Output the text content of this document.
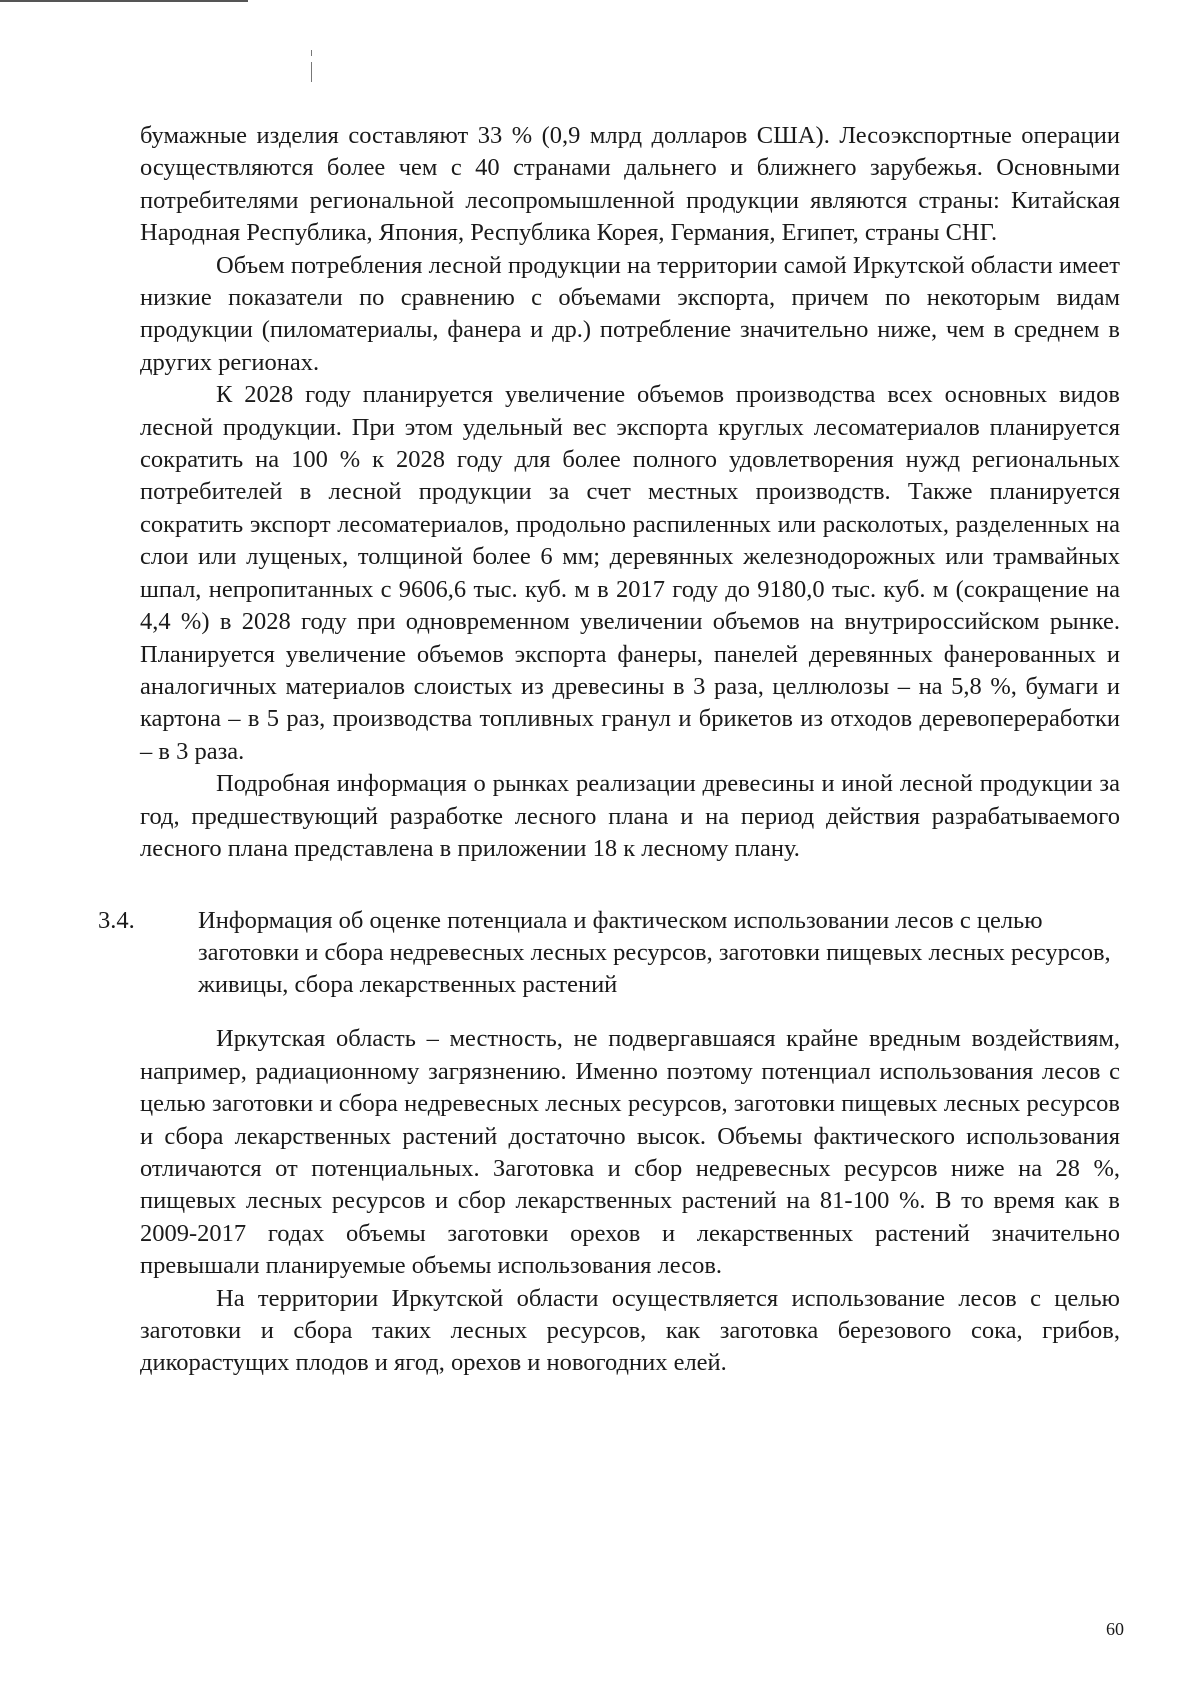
бумажные изделия составляют 33 % (0,9 млрд долларов США). Лесоэкспортные операции осуществляются более чем с 40 странами дальнего и ближнего зарубежья. Основными потребителями региональной лесопромышленной продукции являются страны: Китайская Народная Республика, Япония, Республика Корея, Германия, Египет, страны СНГ.

Объем потребления лесной продукции на территории самой Иркутской области имеет низкие показатели по сравнению с объемами экспорта, причем по некоторым видам продукции (пиломатериалы, фанера и др.) потребление значительно ниже, чем в среднем в других регионах.

К 2028 году планируется увеличение объемов производства всех основных видов лесной продукции. При этом удельный вес экспорта круглых лесоматериалов планируется сократить на 100 % к 2028 году для более полного удовлетворения нужд региональных потребителей в лесной продукции за счет местных производств. Также планируется сократить экспорт лесоматериалов, продольно распиленных или расколотых, разделенных на слои или лущеных, толщиной более 6 мм; деревянных железнодорожных или трамвайных шпал, непропитанных с 9606,6 тыс. куб. м в 2017 году до 9180,0 тыс. куб. м (сокращение на 4,4 %) в 2028 году при одновременном увеличении объемов на внутрироссийском рынке. Планируется увеличение объемов экспорта фанеры, панелей деревянных фанерованных и аналогичных материалов слоистых из древесины в 3 раза, целлюлозы – на 5,8 %, бумаги и картона – в 5 раз, производства топливных гранул и брикетов из отходов деревопереработки – в 3 раза.

Подробная информация о рынках реализации древесины и иной лесной продукции за год, предшествующий разработке лесного плана и на период действия разрабатываемого лесного плана представлена в приложении 18 к лесному плану.

3.4.	Информация об оценке потенциала и фактическом использовании лесов с целью заготовки и сбора недревесных лесных ресурсов, заготовки пищевых лесных ресурсов, живицы, сбора лекарственных растений

Иркутская область – местность, не подвергавшаяся крайне вредным воздействиям, например, радиационному загрязнению. Именно поэтому потенциал использования лесов с целью заготовки и сбора недревесных лесных ресурсов, заготовки пищевых лесных ресурсов и сбора лекарственных растений достаточно высок. Объемы фактического использования отличаются от потенциальных. Заготовка и сбор недревесных ресурсов ниже на 28 %, пищевых лесных ресурсов и сбор лекарственных растений на 81-100 %. В то время как в 2009-2017 годах объемы заготовки орехов и лекарственных растений значительно превышали планируемые объемы использования лесов.

На территории Иркутской области осуществляется использование лесов с целью заготовки и сбора таких лесных ресурсов, как заготовка березового сока, грибов, дикорастущих плодов и ягод, орехов и новогодних елей.

60
